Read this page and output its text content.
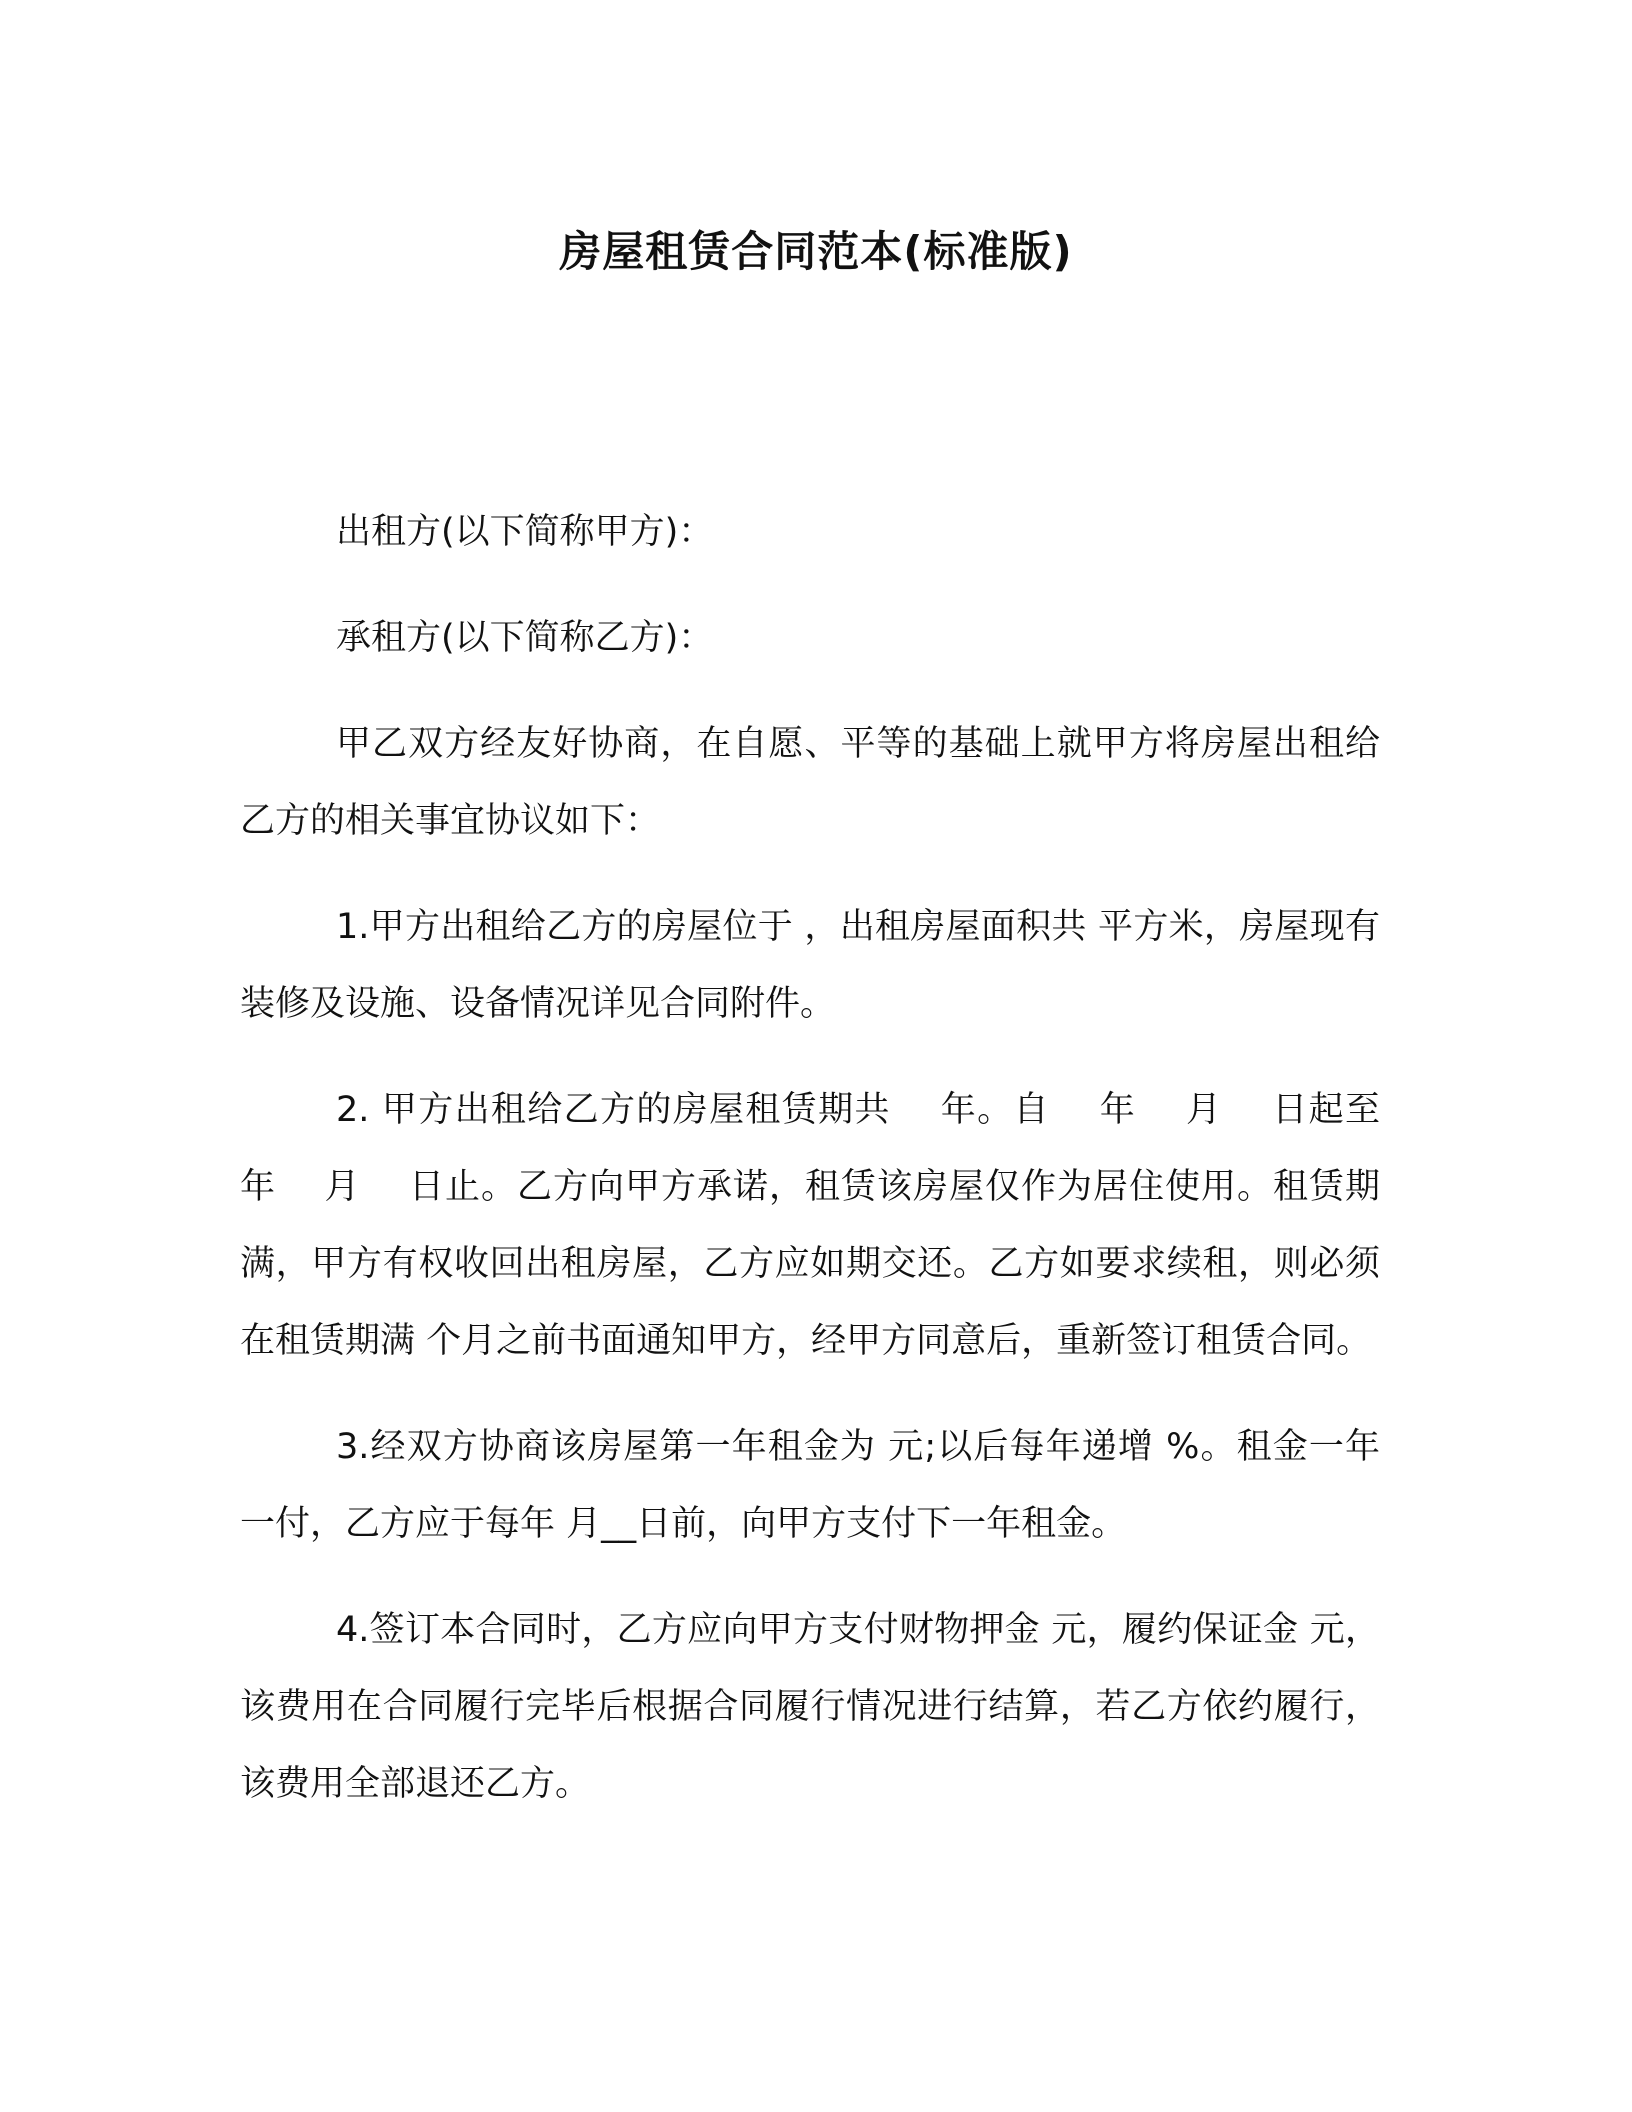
房屋租赁合同范本(标准版)

出租方(以下简称甲方)：

承租方(以下简称乙方)：

甲乙双方经友好协商，在自愿、平等的基础上就甲方将房屋出租给乙方的相关事宜协议如下：

1.甲方出租给乙方的房屋位于 ，出租房屋面积共 平方米，房屋现有装修及设施、设备情况详见合同附件。

2. 甲方出租给乙方的房屋租赁期共    年。自    年    月    日起至    年    月    日止。乙方向甲方承诺，租赁该房屋仅作为居住使用。租赁期满，甲方有权收回出租房屋，乙方应如期交还。乙方如要求续租，则必须在租赁期满 个月之前书面通知甲方，经甲方同意后，重新签订租赁合同。

3.经双方协商该房屋第一年租金为 元;以后每年递增 %。租金一年一付，乙方应于每年 月__日前，向甲方支付下一年租金。

4.签订本合同时，乙方应向甲方支付财物押金 元，履约保证金 元，该费用在合同履行完毕后根据合同履行情况进行结算，若乙方依约履行，该费用全部退还乙方。
